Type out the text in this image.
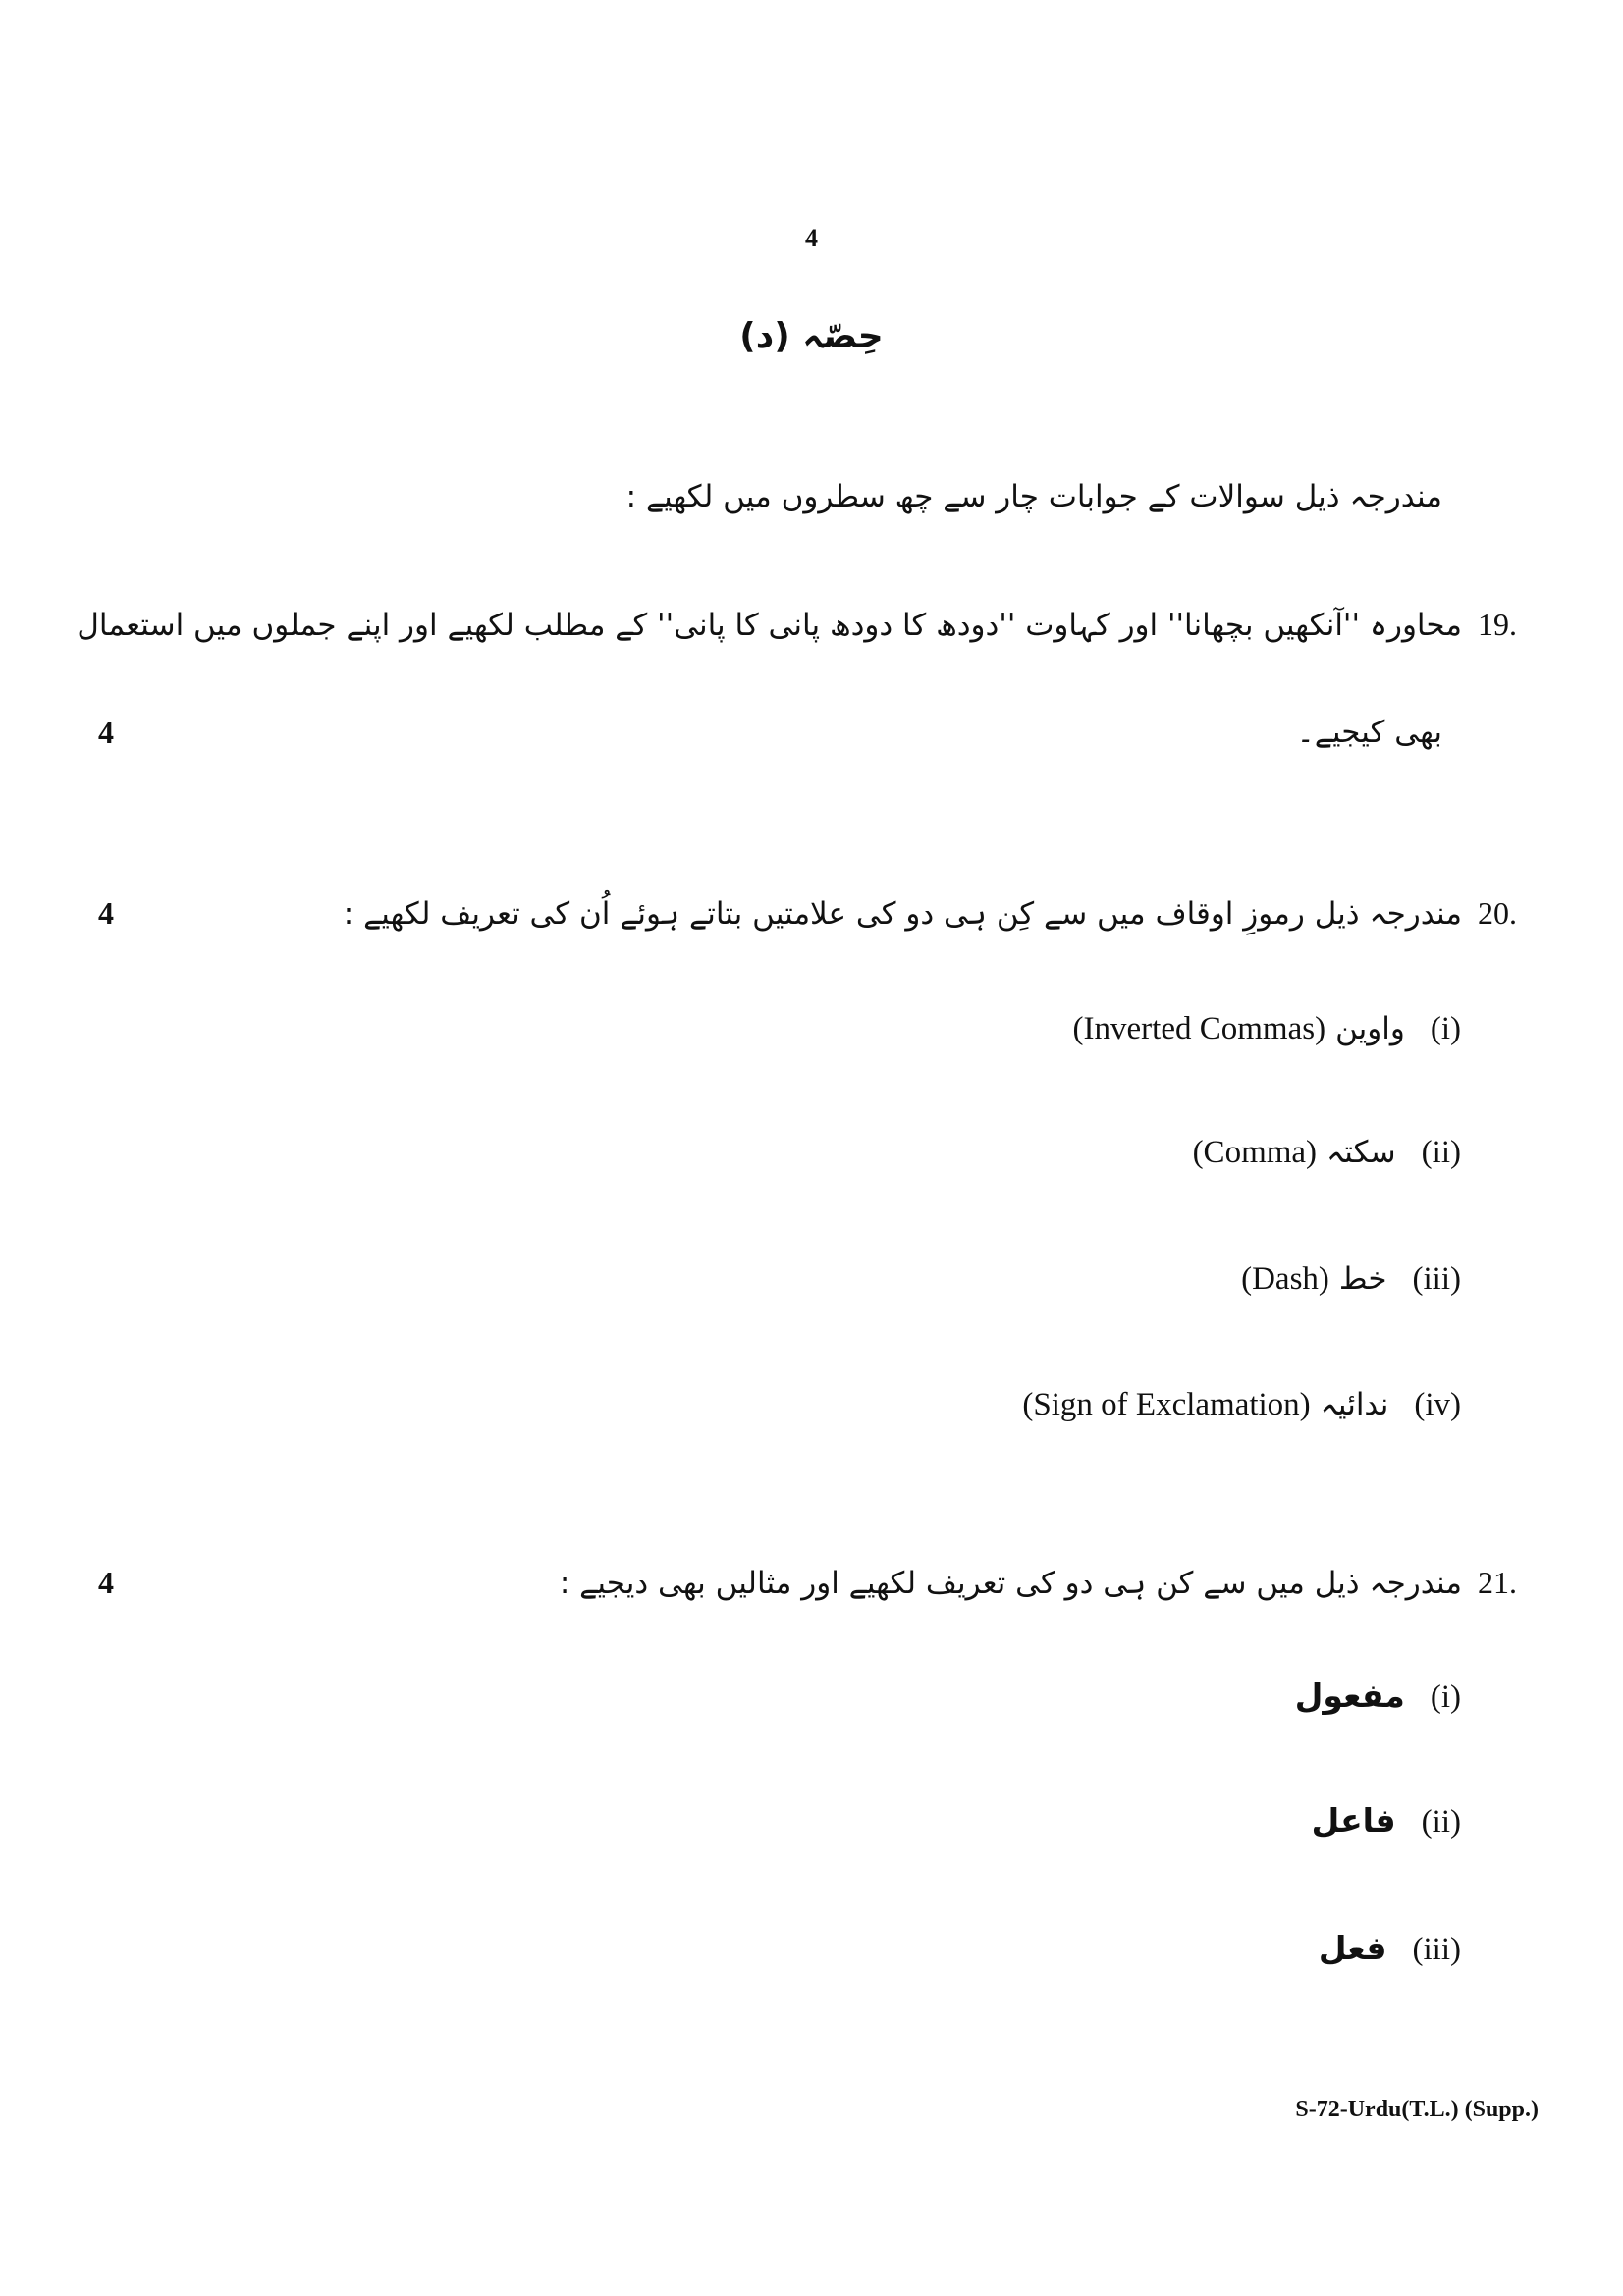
4
حِصّہ (د)
مندرجہ ذیل سوالات کے جوابات چار سے چھ سطروں میں لکھیے :
19.
محاورہ ''آنکھیں بچھانا'' اور کہاوت ''دودھ کا دودھ پانی کا پانی'' کے مطلب لکھیے اور اپنے جملوں میں استعمال
بھی کیجیے۔
4
20.
مندرجہ ذیل رموزِ اوقاف میں سے کِن ہی دو کی علامتیں بتاتے ہوئے اُن کی تعریف لکھیے :
4
(i)
واوین
(Inverted Commas)
(ii)
سکتہ
(Comma)
(iii)
خط
(Dash)
(iv)
ندائیہ
(Sign of Exclamation)
21.
مندرجہ ذیل میں سے کن ہی دو کی تعریف لکھیے اور مثالیں بھی دیجیے :
4
(i)
مفعول
(ii)
فاعل
(iii)
فعل
S-72-Urdu(T.L.) (Supp.)
